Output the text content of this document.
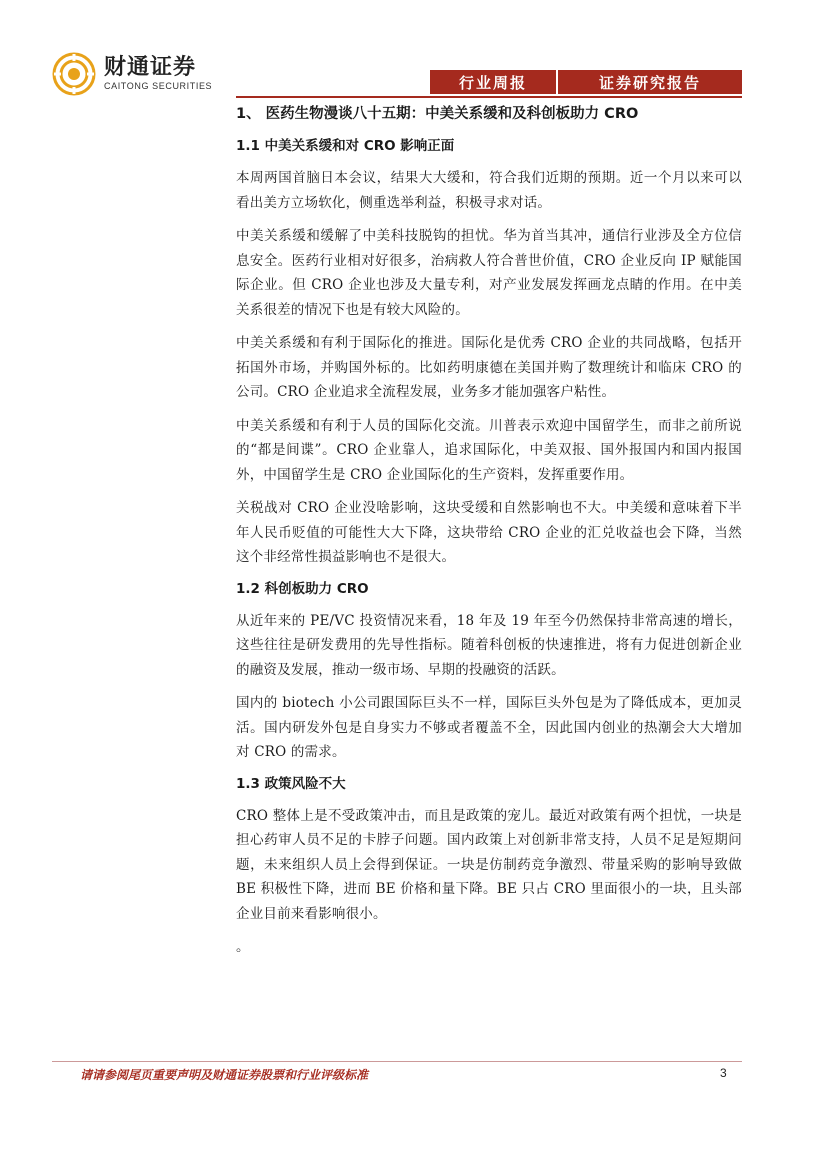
财通证券
CAITONG SECURITIES	行业周报	证券研究报告
1、 医药生物漫谈八十五期：中美关系缓和及科创板助力 CRO
1.1 中美关系缓和对 CRO 影响正面

本周两国首脑日本会议，结果大大缓和，符合我们近期的预期。近一个月以来可以看出美方立场软化，侧重选举利益，积极寻求对话。

中美关系缓和缓解了中美科技脱钩的担忧。华为首当其冲，通信行业涉及全方位信息安全。医药行业相对好很多，治病救人符合普世价值，CRO 企业反向 IP 赋能国际企业。但 CRO 企业也涉及大量专利，对产业发展发挥画龙点睛的作用。在中美关系很差的情况下也是有较大风险的。

中美关系缓和有利于国际化的推进。国际化是优秀 CRO 企业的共同战略，包括开拓国外市场，并购国外标的。比如药明康德在美国并购了数理统计和临床 CRO 的公司。CRO 企业追求全流程发展，业务多才能加强客户粘性。

中美关系缓和有利于人员的国际化交流。川普表示欢迎中国留学生，而非之前所说的“都是间谍”。CRO 企业靠人，追求国际化，中美双报、国外报国内和国内报国外，中国留学生是 CRO 企业国际化的生产资料，发挥重要作用。

关税战对 CRO 企业没啥影响，这块受缓和自然影响也不大。中美缓和意味着下半年人民币贬值的可能性大大下降，这块带给 CRO 企业的汇兑收益也会下降，当然这个非经常性损益影响也不是很大。

1.2 科创板助力 CRO

从近年来的 PE/VC 投资情况来看，18 年及 19 年至今仍然保持非常高速的增长，这些往往是研发费用的先导性指标。随着科创板的快速推进，将有力促进创新企业的融资及发展，推动一级市场、早期的投融资的活跃。

国内的 biotech 小公司跟国际巨头不一样，国际巨头外包是为了降低成本，更加灵活。国内研发外包是自身实力不够或者覆盖不全，因此国内创业的热潮会大大增加对 CRO 的需求。

1.3 政策风险不大

CRO 整体上是不受政策冲击，而且是政策的宠儿。最近对政策有两个担忧，一块是担心药审人员不足的卡脖子问题。国内政策上对创新非常支持，人员不足是短期问题，未来组织人员上会得到保证。一块是仿制药竞争激烈、带量采购的影响导致做 BE 积极性下降，进而 BE 价格和量下降。BE 只占 CRO 里面很小的一块，且头部企业目前来看影响很小。

。

请请参阅尾页重要声明及财通证券股票和行业评级标准	3
